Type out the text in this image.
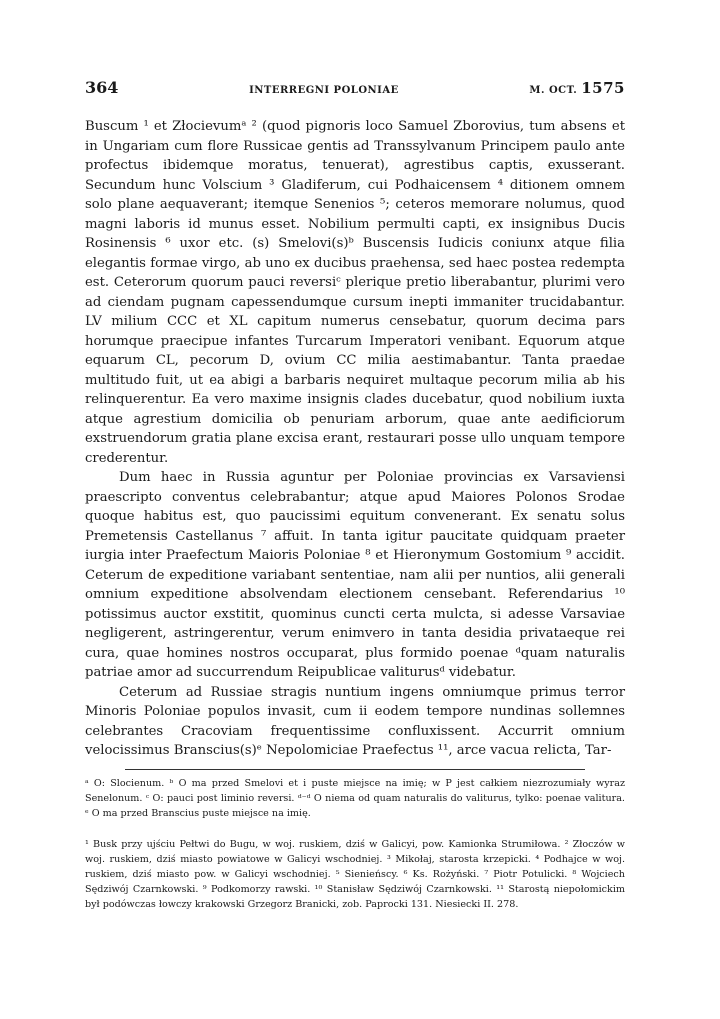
364	INTERREGNI POLONIAE	M. OCT. 1575

Buscum ¹ et Złocievumᵃ ² (quod pignoris loco Samuel Zborovius, tum absens et in Ungariam cum flore Russicae gentis ad Transsylvanum Principem paulo ante profectus ibidemque moratus, tenuerat), agrestibus captis, exusserant. Secundum hunc Volscium ³ Gladiferum, cui Podhaicensem ⁴ ditionem omnem solo plane aequaverant; itemque Senenios ⁵; ceteros memorare nolumus, quod magni laboris id munus esset. Nobilium permulti capti, ex insignibus Ducis Rosinensis ⁶ uxor etc. (s) Smelovi(s)ᵇ Buscensis Iudicis coniunx atque filia elegantis formae virgo, ab uno ex ducibus praehensa, sed haec postea redempta est. Ceterorum quorum pauci reversiᶜ plerique pretio liberabantur, plurimi vero ad ciendam pugnam capessendumque cursum inepti immaniter trucidabantur. LV milium CCC et XL capitum numerus censebatur, quorum decima pars horumque praecipue infantes Turcarum Imperatori venibant. Equorum atque equarum CL, pecorum D, ovium CC milia aestimabantur. Tanta praedae multitudo fuit, ut ea abigi a barbaris nequiret multaque pecorum milia ab his relinquerentur. Ea vero maxime insignis clades ducebatur, quod nobilium iuxta atque agrestium domicilia ob penuriam arborum, quae ante aedificiorum exstruendorum gratia plane excisa erant, restaurari posse ullo unquam tempore crederentur.

Dum haec in Russia aguntur per Poloniae provincias ex Varsaviensi praescripto conventus celebrabantur; atque apud Maiores Polonos Srodae quoque habitus est, quo paucissimi equitum convenerant. Ex senatu solus Premetensis Castellanus ⁷ affuit. In tanta igitur paucitate quidquam praeter iurgia inter Praefectum Maioris Poloniae ⁸ et Hieronymum Gostomium ⁹ accidit. Ceterum de expeditione variabant sententiae, nam alii per nuntios, alii generali omnium expeditione absolvendam electionem censebant. Referendarius ¹⁰ potissimus auctor exstitit, quominus cuncti certa mulcta, si adesse Varsaviae negligerent, astringerentur, verum enimvero in tanta desidia privataeque rei cura, quae homines nostros occuparat, plus formido poenae ᵈquam naturalis patriae amor ad succurrendum Reipublicae valiturusᵈ videbatur.

Ceterum ad Russiae stragis nuntium ingens omniumque primus terror Minoris Poloniae populos invasit, cum ii eodem tempore nundinas sollemnes celebrantes Cracoviam frequentissime confluxissent. Accurrit omnium velocissimus Branscius(s)ᵉ Nepolomiciae Praefectus ¹¹, arce vacua relicta, Tar-

ᵃ O: Slocienum. ᵇ O ma przed Smelovi et i puste miejsce na imię; w P jest całkiem niezrozumiały wyraz Senelonum. ᶜ O: pauci post liminio reversi. ᵈ⁻ᵈ O niema od quam naturalis do valiturus, tylko: poenae valitura. ᵉ O ma przed Branscius puste miejsce na imię.
¹ Busk przy ujściu Pełtwi do Bugu, w woj. ruskiem, dziś w Galicyi, pow. Kamionka Strumiłowa. ² Złoczów w woj. ruskiem, dziś miasto powiatowe w Galicyi wschodniej. ³ Mikołaj, starosta krzepicki. ⁴ Podhajce w woj. ruskiem, dziś miasto pow. w Galicyi wschodniej. ⁵ Sienieńscy. ⁶ Ks. Rożyński. ⁷ Piotr Potulicki. ⁸ Wojciech Sędziwój Czarnkowski. ⁹ Podkomorzy rawski. ¹⁰ Stanisław Sędziwój Czarnkowski. ¹¹ Starostą niepołomickim był podówczas łowczy krakowski Grzegorz Branicki, zob. Paprocki 131. Niesiecki II. 278.
